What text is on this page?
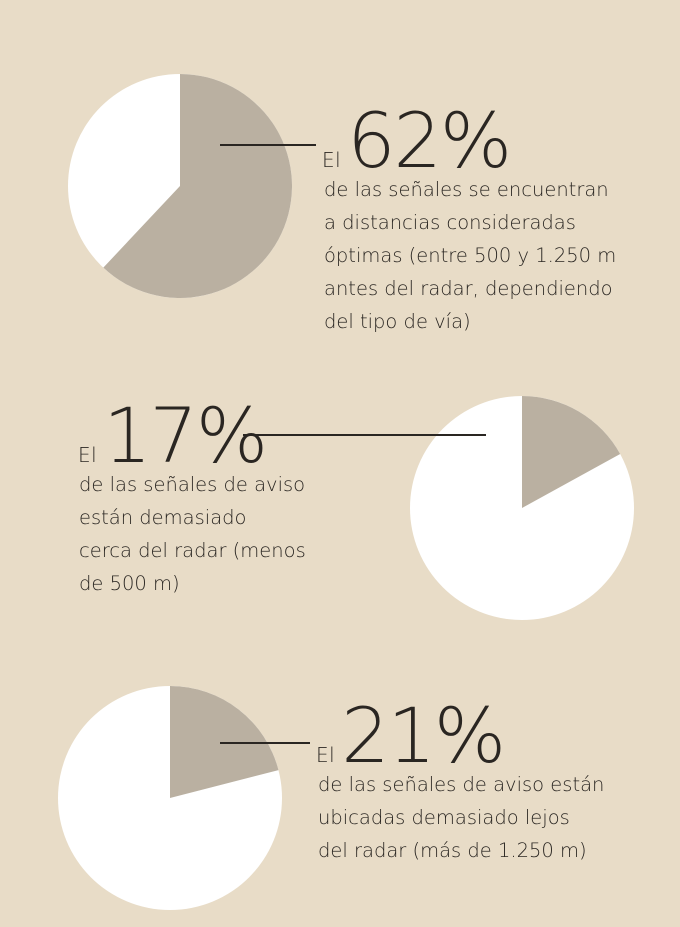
El 62%
de las señales se encuentran
a distancias consideradas
óptimas (entre 500 y 1.250 m
antes del radar, dependiendo
del tipo de vía)
El 17%
de las señales de aviso
están demasiado
cerca del radar (menos
de 500 m)
El 21%
de las señales de aviso están
ubicadas demasiado lejos
del radar (más de 1.250 m)
